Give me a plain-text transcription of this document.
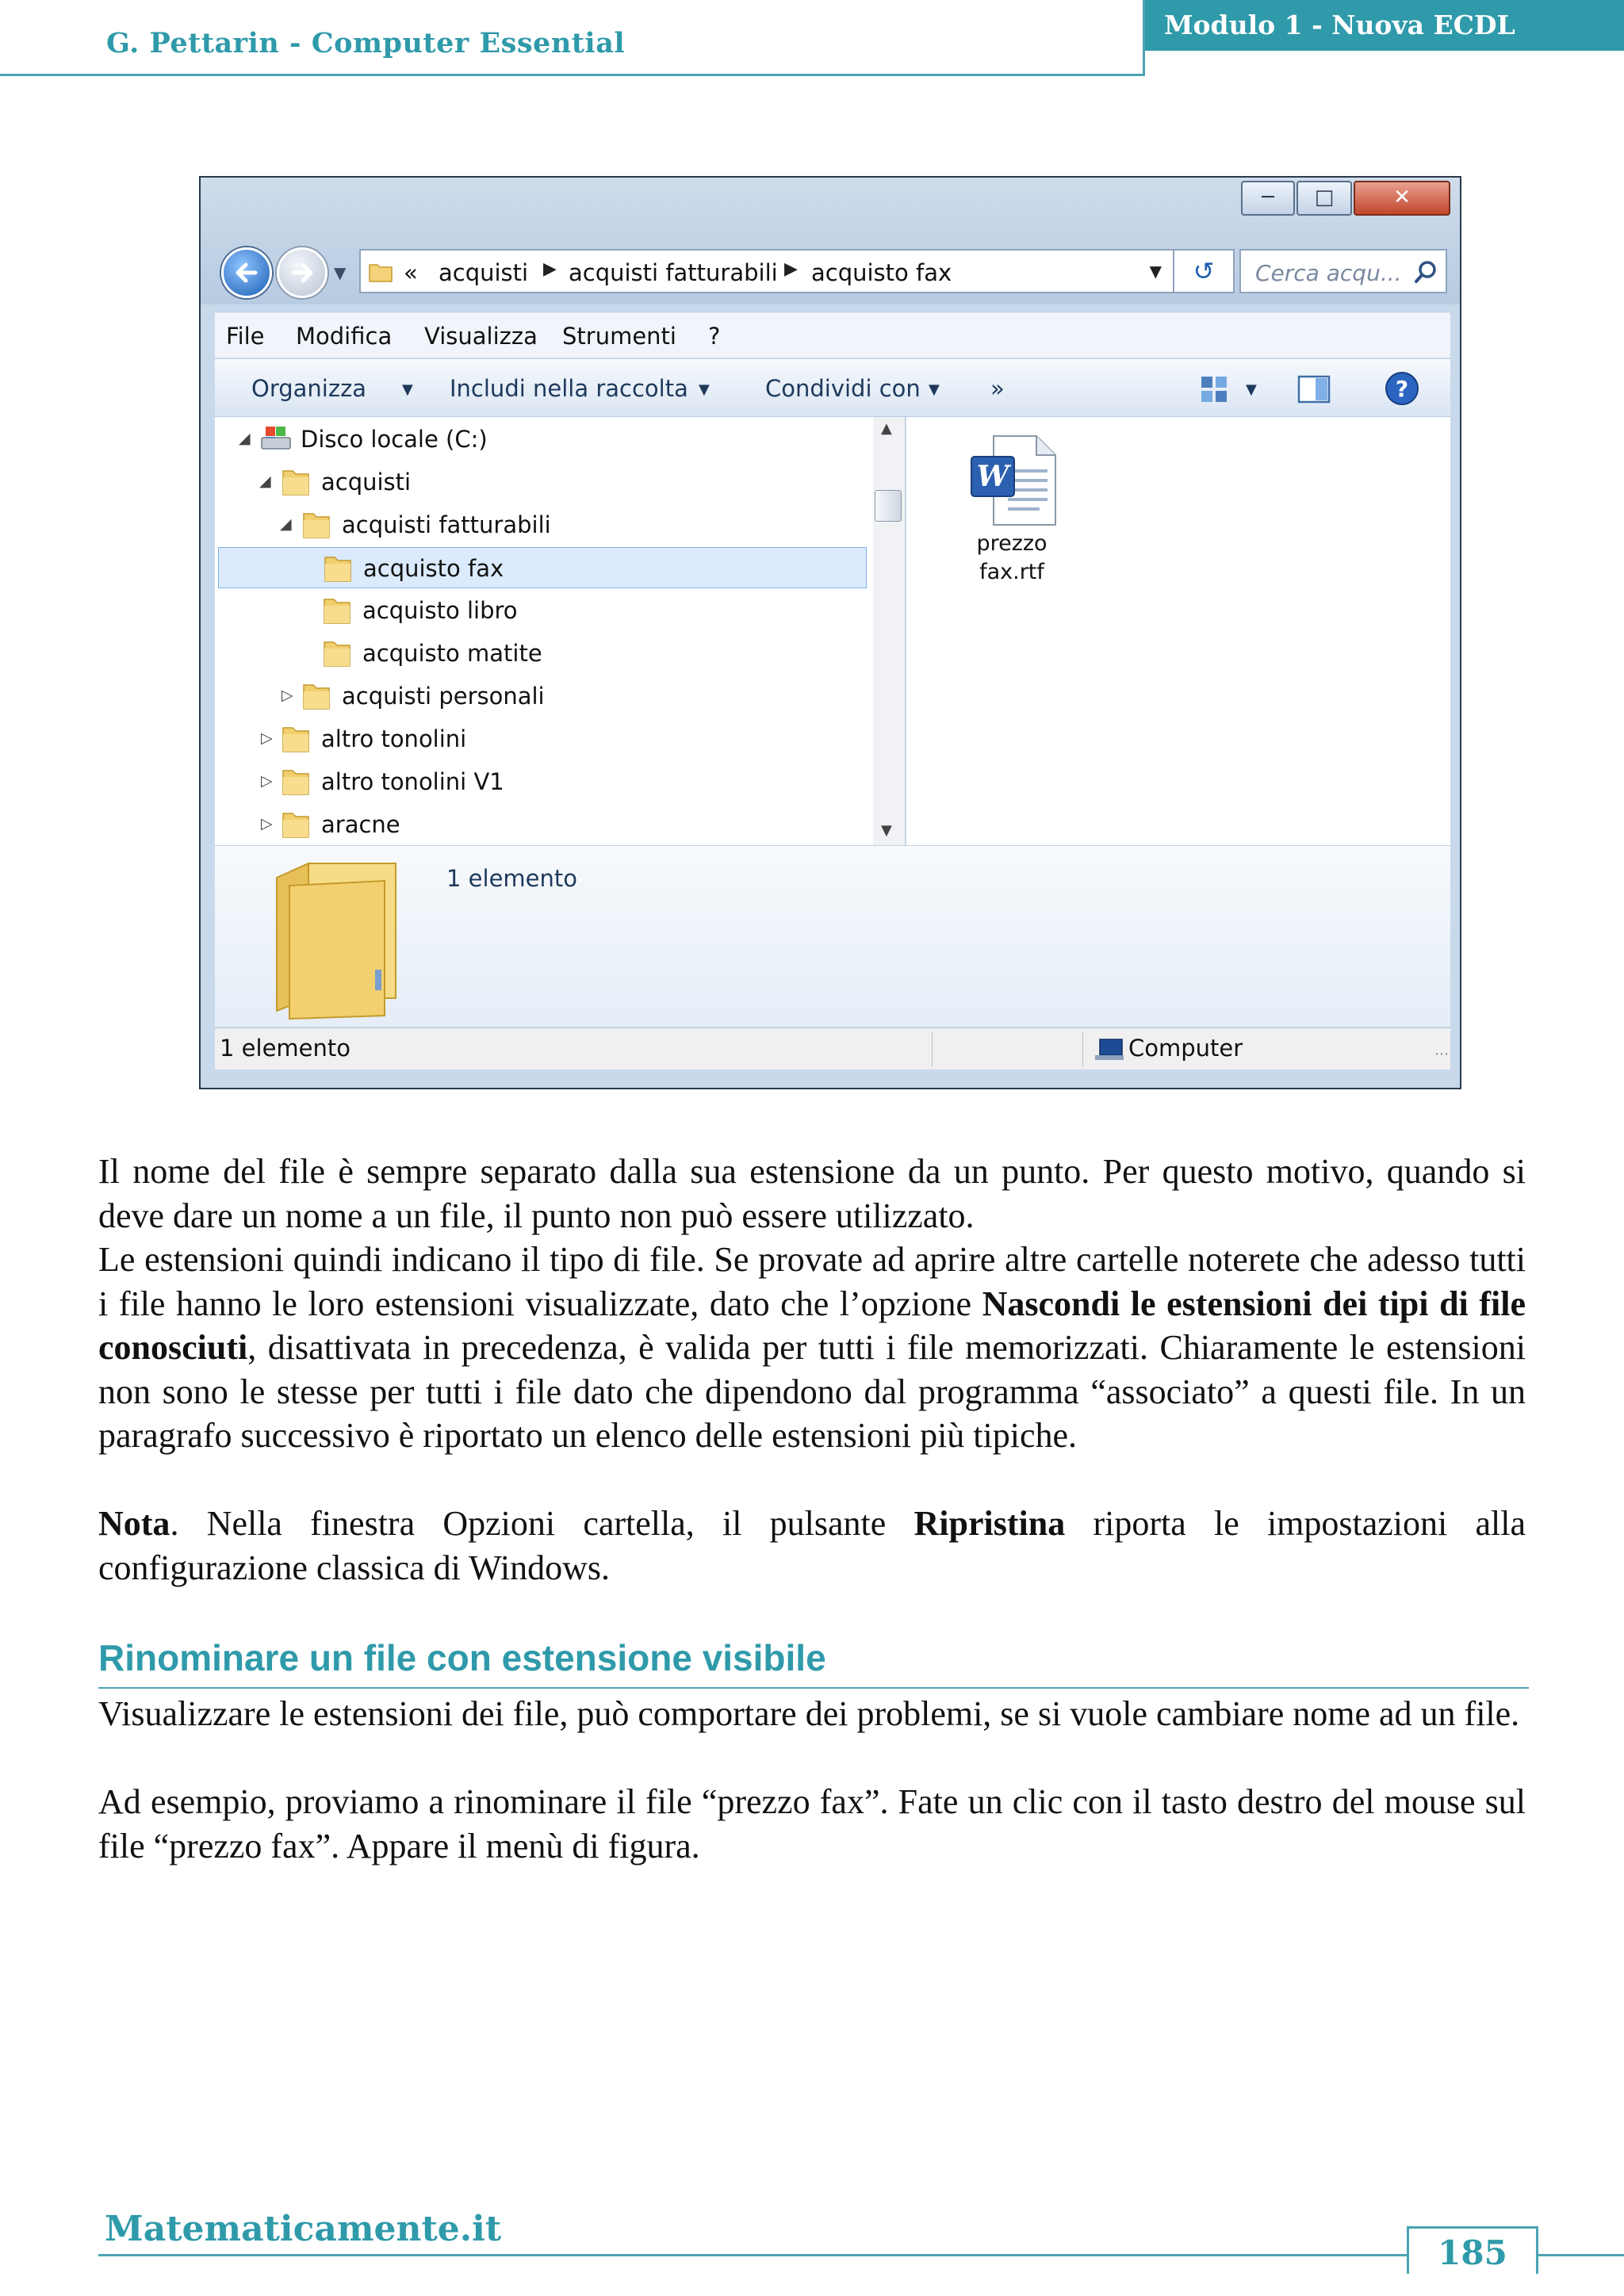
G. Pettarin - Computer Essential
Modulo 1 - Nuova ECDL
─	□	✕
▼	« acquisti ▶ acquisti fatturabili ▶ acquisto fax	▼	↺	Cerca acqu...
File Modifica Visualizza Strumenti ?
Organizza ▼ Includi nella raccolta ▼ Condividi con ▼ »	▼	?
◢ Disco locale (C:)
◢ acquisti
◢ acquisti fatturabili
acquisto fax
acquisto libro
acquisto matite
▷ acquisti personali
▷ altro tonolini
▷ altro tonolini V1
▷ aracne
▲
▼
W
prezzo
fax.rtf
1 elemento
1 elemento	Computer	⋯

Il nome del file è sempre separato dalla sua estensione da un punto. Per questo motivo, quando si deve dare un nome a un file, il punto non può essere utilizzato.

Le estensioni quindi indicano il tipo di file. Se provate ad aprire altre cartelle noterete che adesso tutti i file hanno le loro estensioni visualizzate, dato che l’opzione Nascondi le estensioni dei tipi di file conosciuti, disattivata in precedenza, è valida per tutti i file memorizzati. Chiaramente le estensioni non sono le stesse per tutti i file dato che dipendono dal programma “associato” a questi file. In un paragrafo successivo è riportato un elenco delle estensioni più tipiche.

Nota. Nella finestra Opzioni cartella, il pulsante Ripristina riporta le impostazioni alla configurazione classica di Windows.

Rinominare un file con estensione visibile

Visualizzare le estensioni dei file, può comportare dei problemi, se si vuole cambiare nome ad un file.

Ad esempio, proviamo a rinominare il file “prezzo fax”. Fate un clic con il tasto destro del mouse sul file “prezzo fax”. Appare il menù di figura.

Matematicamente.it
185
